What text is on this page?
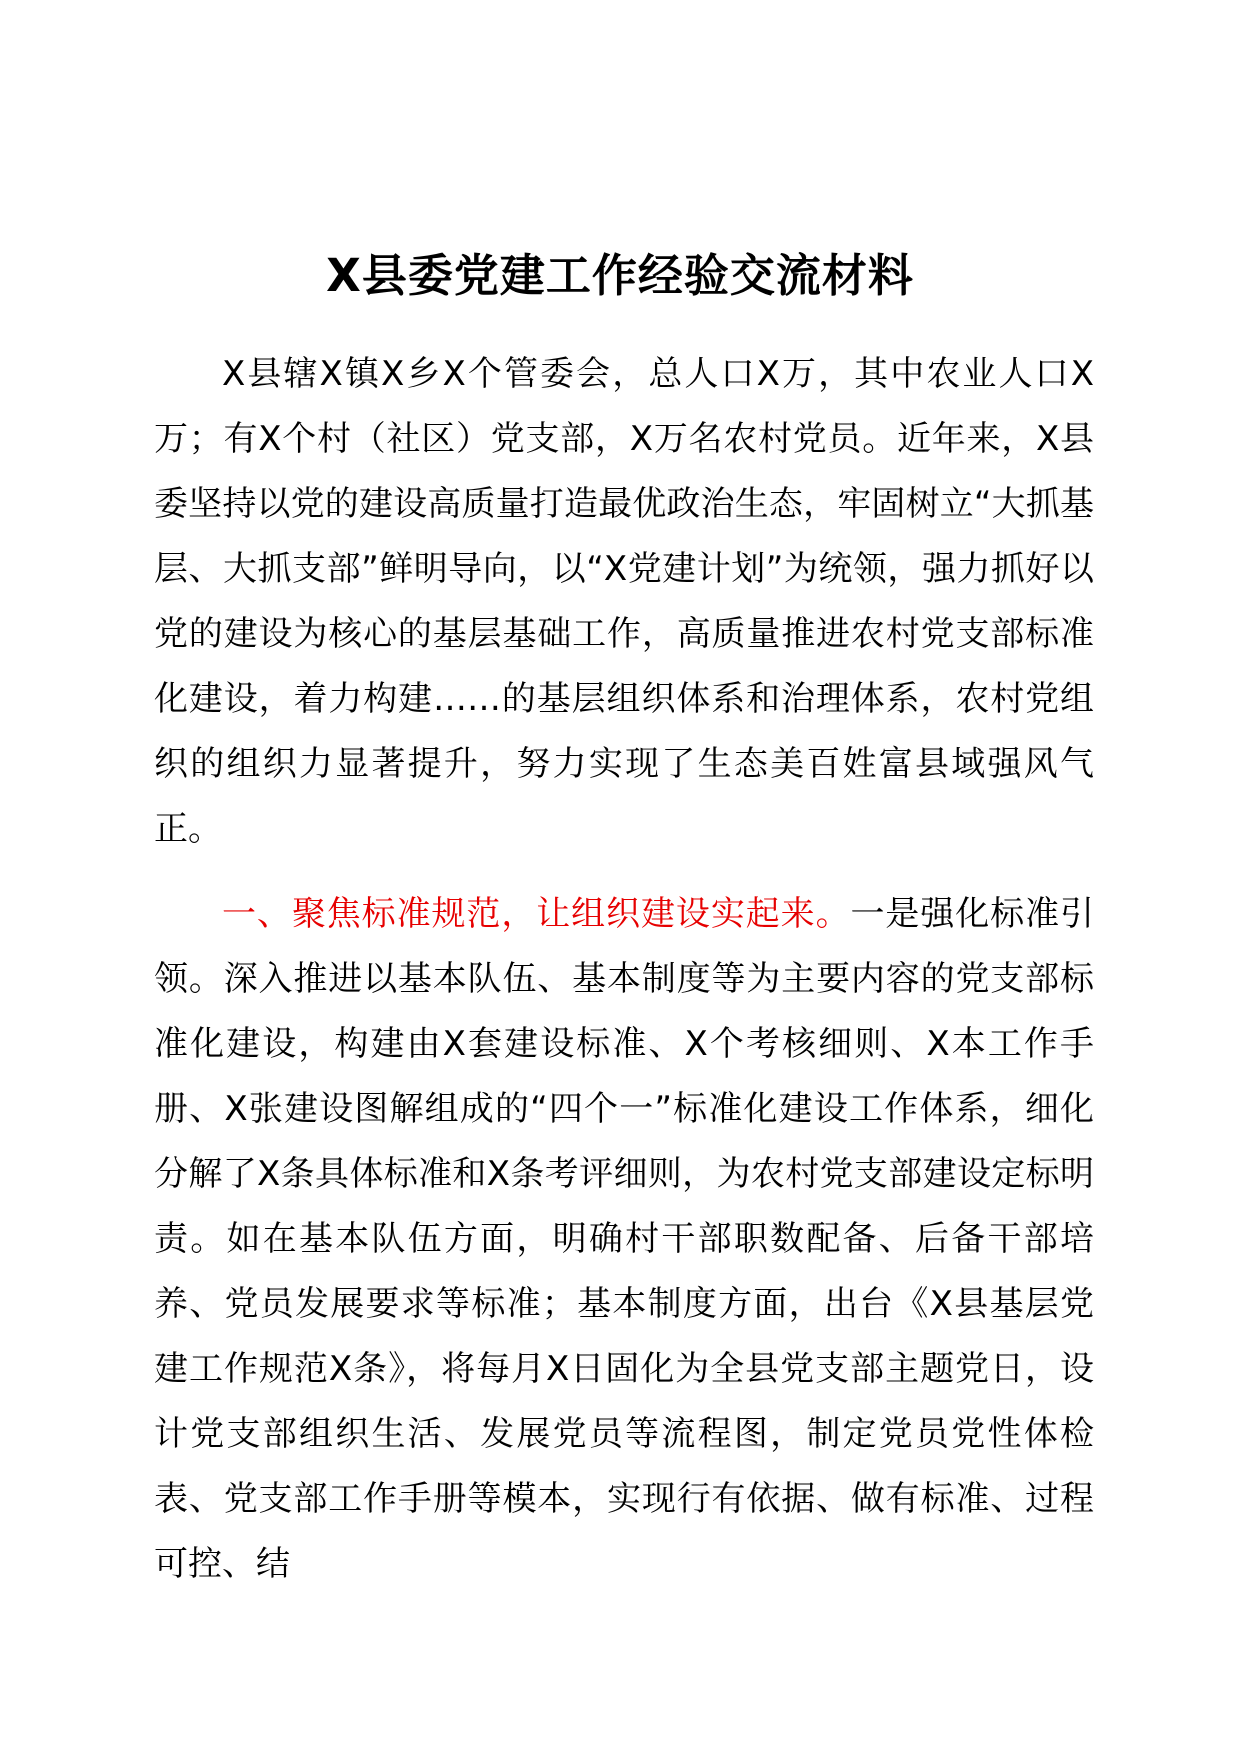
X县委党建工作经验交流材料

X县辖X镇X乡X个管委会，总人口X万，其中农业人口X万；有X个村（社区）党支部，X万名农村党员。近年来，X县委坚持以党的建设高质量打造最优政治生态，牢固树立“大抓基层、大抓支部”鲜明导向，以“X党建计划”为统领，强力抓好以党的建设为核心的基层基础工作，高质量推进农村党支部标准化建设，着力构建……的基层组织体系和治理体系，农村党组织的组织力显著提升，努力实现了生态美百姓富县域强风气正。

一、聚焦标准规范，让组织建设实起来。一是强化标准引领。深入推进以基本队伍、基本制度等为主要内容的党支部标准化建设，构建由X套建设标准、X个考核细则、X本工作手册、X张建设图解组成的“四个一”标准化建设工作体系，细化分解了X条具体标准和X条考评细则，为农村党支部建设定标明责。如在基本队伍方面，明确村干部职数配备、后备干部培养、党员发展要求等标准；基本制度方面，出台《X县基层党建工作规范X条》，将每月X日固化为全县党支部主题党日，设计党支部组织生活、发展党员等流程图，制定党员党性体检表、党支部工作手册等模本，实现行有依据、做有标准、过程可控、结
